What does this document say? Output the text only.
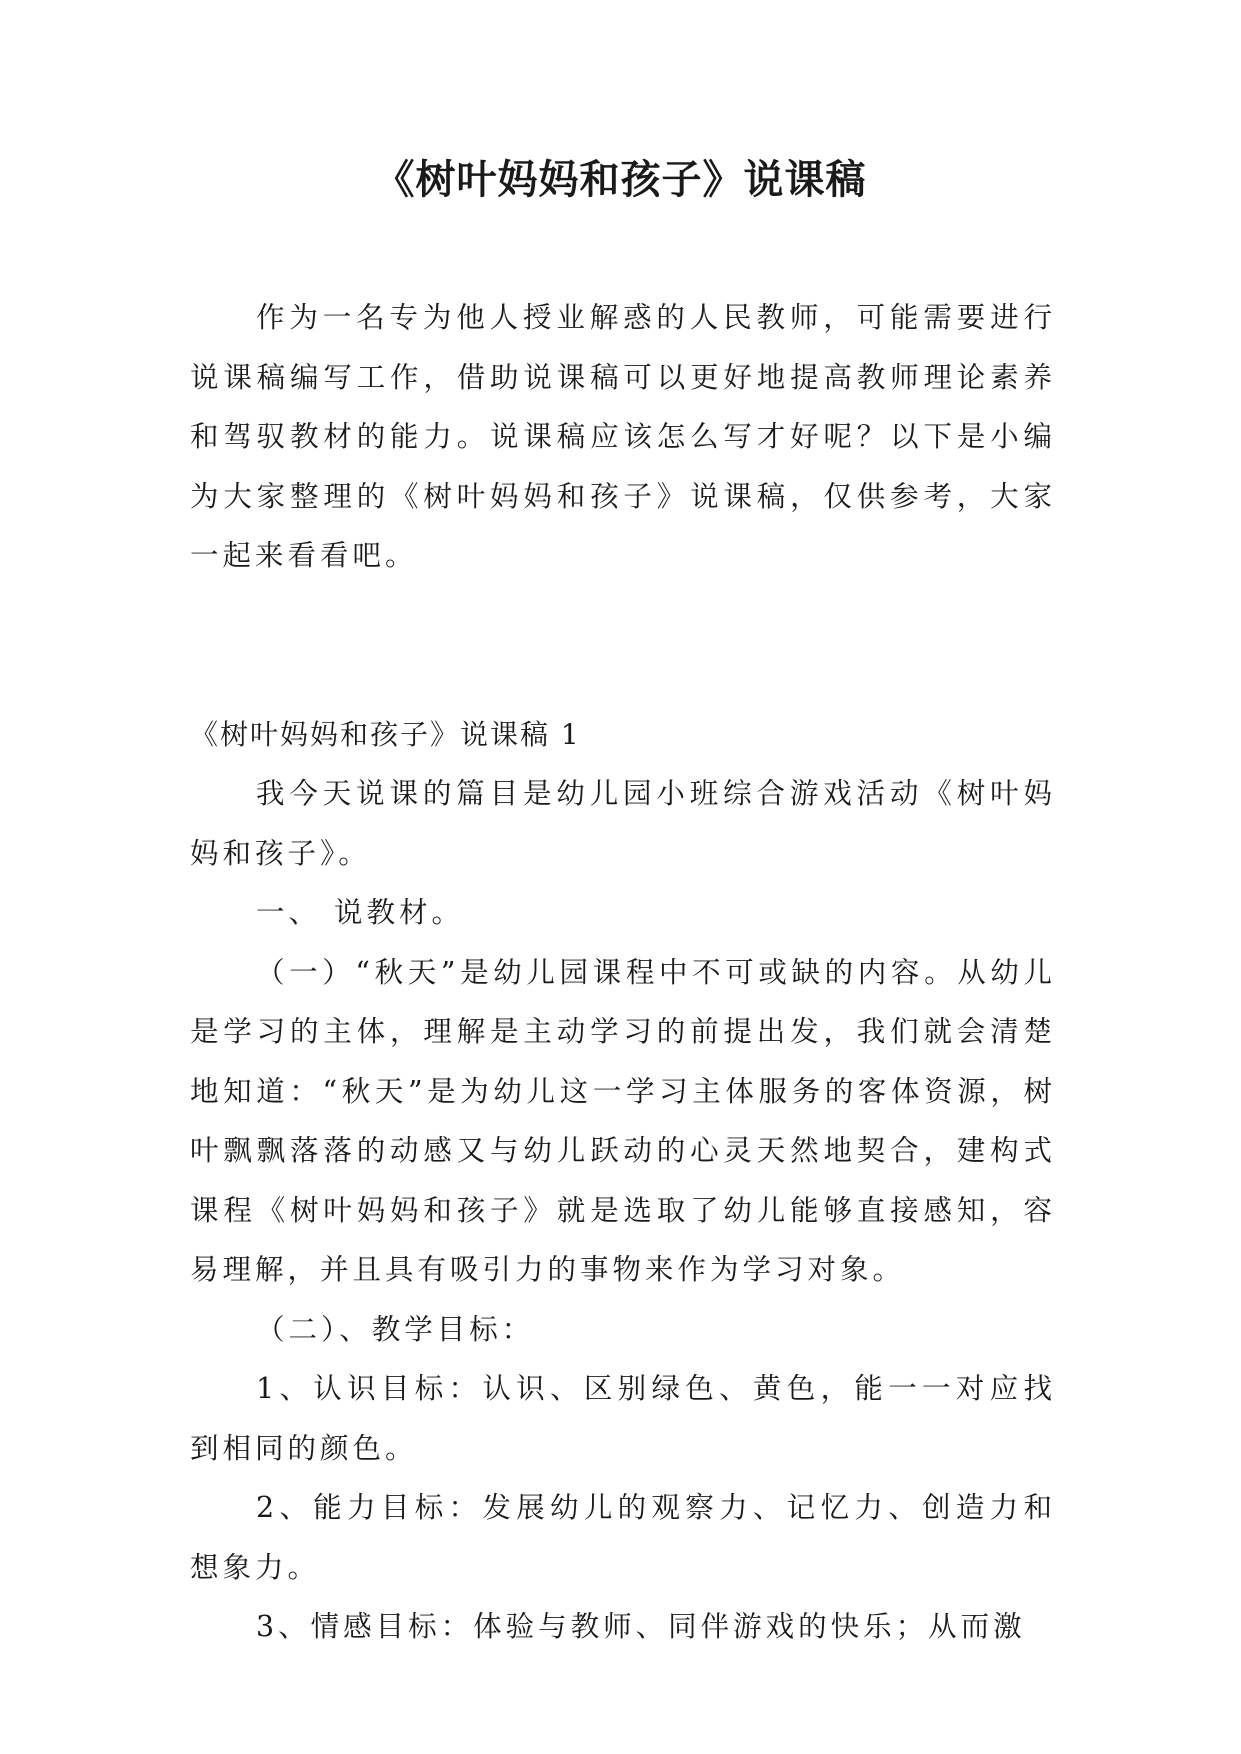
《树叶妈妈和孩子》说课稿

作为一名专为他人授业解惑的人民教师，可能需要进行说课稿编写工作，借助说课稿可以更好地提高教师理论素养和驾驭教材的能力。说课稿应该怎么写才好呢？以下是小编为大家整理的《树叶妈妈和孩子》说课稿，仅供参考，大家一起来看看吧。

《树叶妈妈和孩子》说课稿 1

我今天说课的篇目是幼儿园小班综合游戏活动《树叶妈妈和孩子》。

一、 说教材。

（一）“秋天”是幼儿园课程中不可或缺的内容。从幼儿是学习的主体，理解是主动学习的前提出发，我们就会清楚地知道：“秋天”是为幼儿这一学习主体服务的客体资源，树叶飘飘落落的动感又与幼儿跃动的心灵天然地契合，建构式课程《树叶妈妈和孩子》就是选取了幼儿能够直接感知，容易理解，并且具有吸引力的事物来作为学习对象。

（二）、教学目标：

1、认识目标：认识、区别绿色、黄色，能一一对应找到相同的颜色。

2、能力目标：发展幼儿的观察力、记忆力、创造力和想象力。

3、情感目标：体验与教师、同伴游戏的快乐；从而激
